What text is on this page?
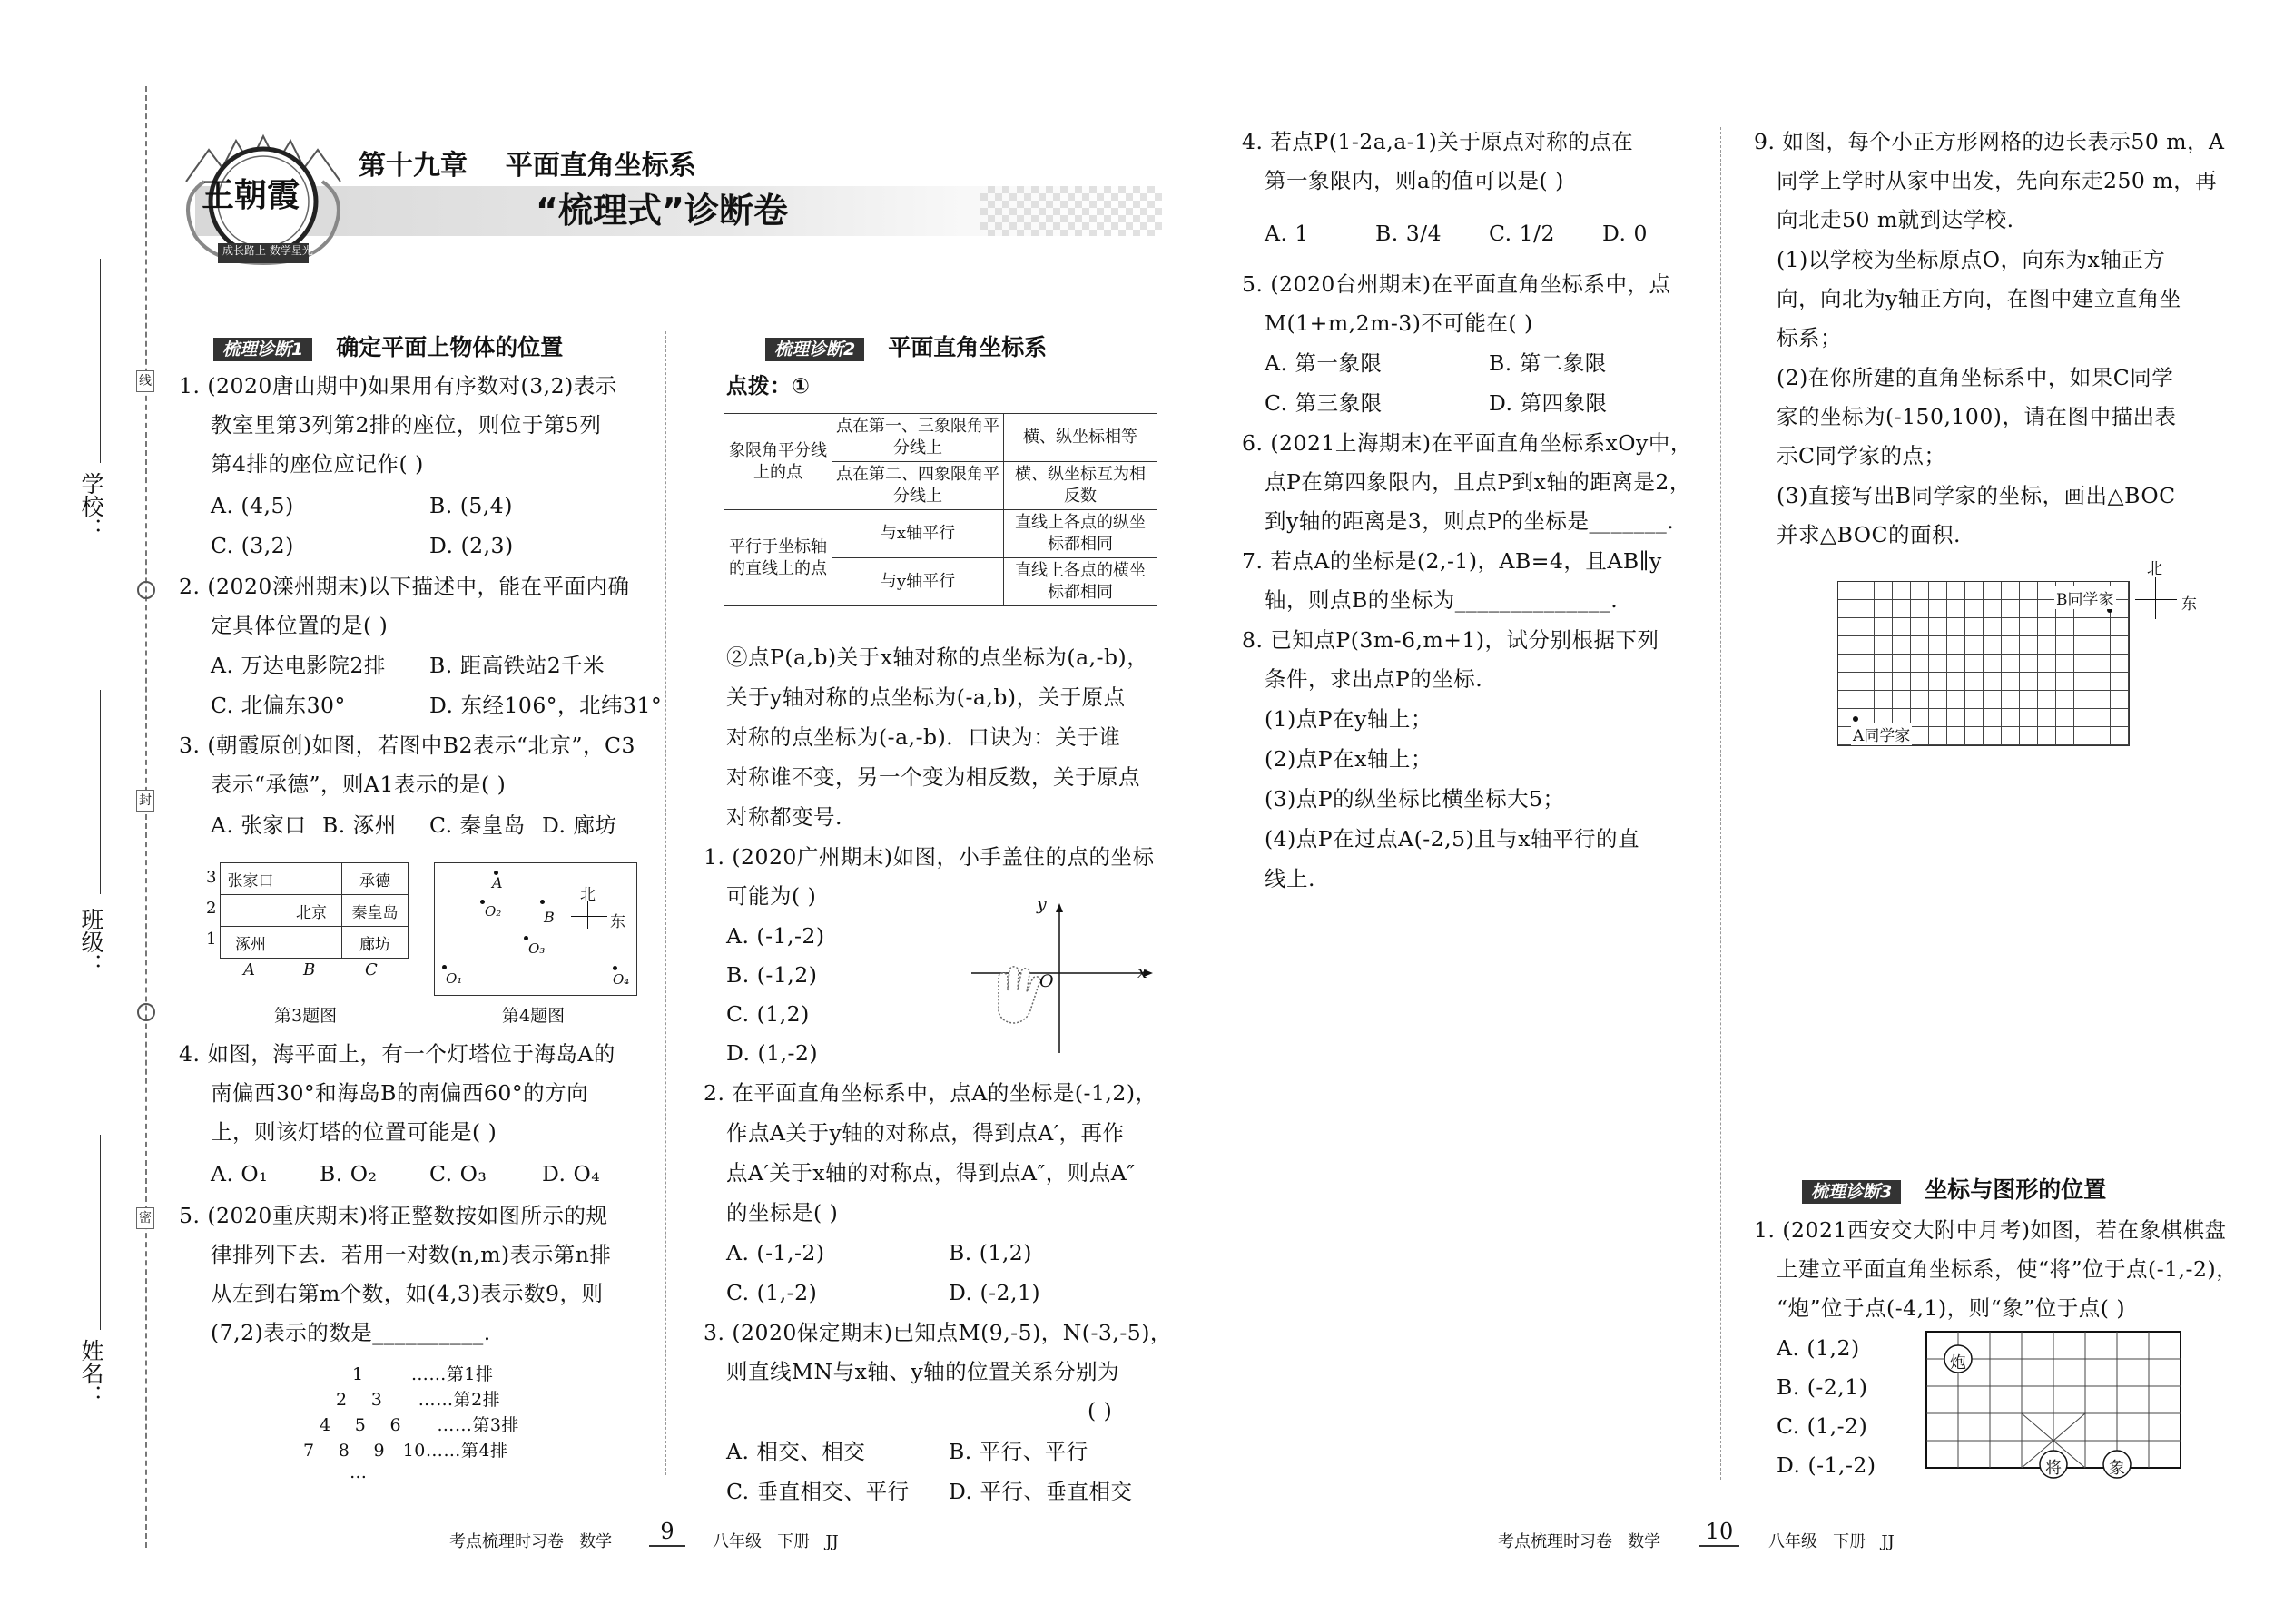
线
封
密
学校：
班级：
姓名：
王朝霞
成长路上 数学星光
第十九章    平面直角坐标系
“梳理式”诊断卷
梳理诊断1 确定平面上物体的位置
1. (2020唐山期中)如果用有序数对(3,2)表示
教室里第3列第2排的座位，则位于第5列
第4排的座位应记作( )
A. (4,5)	B. (5,4)
C. (3,2)	D. (2,3)
2. (2020滦州期末)以下描述中，能在平面内确
定具体位置的是( )
A. 万达电影院2排 B. 距高铁站2千米
C. 北偏东30°	D. 东经106°，北纬31°
3. (朝霞原创)如图，若图中B2表示“北京”，C3
表示“承德”，则A1表示的是( )
A. 张家口 B. 涿州 C. 秦皇岛 D. 廊坊
3
2
1
张家口		承德
	北京	秦皇岛
涿州		廊坊
A	B	C
第3题图
A
O₂	B
O₃
O₁	O₄
北
东
第4题图
4. 如图，海平面上，有一个灯塔位于海岛A的
南偏西30°和海岛B的南偏西60°的方向
上，则该灯塔的位置可能是( )
A. O₁ B. O₂ C. O₃	D. O₄
5. (2020重庆期末)将正整数按如图所示的规
律排列下去．若用一对数(n,m)表示第n排
从左到右第m个数，如(4,3)表示数9，则
(7,2)表示的数是__________.
1        ……第1排
2    3      ……第2排
4    5    6      ……第3排
7    8    9   10……第4排
…
梳理诊断2 平面直角坐标系
点拨：①
象限角平分线上的点	点在第一、三象限角平分线上	横、纵坐标相等
	点在第二、四象限角平分线上	横、纵坐标互为相反数
平行于坐标轴的直线上的点	与x轴平行	直线上各点的纵坐标都相同
	与y轴平行	直线上各点的横坐标都相同
②点P(a,b)关于x轴对称的点坐标为(a,-b)，
关于y轴对称的点坐标为(-a,b)，关于原点
对称的点坐标为(-a,-b)．口诀为：关于谁
对称谁不变，另一个变为相反数，关于原点
对称都变号.
1. (2020广州期末)如图，小手盖住的点的坐标
可能为( )
A. (-1,-2)
B. (-1,2)
C. (1,2)
D. (1,-2)
y
x
O
2. 在平面直角坐标系中，点A的坐标是(-1,2)，
作点A关于y轴的对称点，得到点A′，再作
点A′关于x轴的对称点，得到点A″，则点A″
的坐标是( )
A. (-1,-2)	B. (1,2)
C. (1,-2)	D. (-2,1)
3. (2020保定期末)已知点M(9,-5)，N(-3,-5)，
则直线MN与x轴、y轴的位置关系分别为
( )
A. 相交、相交	B. 平行、平行
C. 垂直相交、平行 D. 平行、垂直相交
4. 若点P(1-2a,a-1)关于原点对称的点在
第一象限内，则a的值可以是( )
A. 1	B. 3/4 C. 1/2 D. 0
5. (2020台州期末)在平面直角坐标系中，点
M(1+m,2m-3)不可能在( )
A. 第一象限	B. 第二象限
C. 第三象限	D. 第四象限
6. (2021上海期末)在平面直角坐标系xOy中，
点P在第四象限内，且点P到x轴的距离是2，
到y轴的距离是3，则点P的坐标是_______.
7. 若点A的坐标是(2,-1)，AB=4，且AB∥y
轴，则点B的坐标为______________.
8. 已知点P(3m-6,m+1)，试分别根据下列
条件，求出点P的坐标.
(1)点P在y轴上；
(2)点P在x轴上；
(3)点P的纵坐标比横坐标大5；
(4)点P在过点A(-2,5)且与x轴平行的直
线上.
9. 如图，每个小正方形网格的边长表示50 m，A
同学上学时从家中出发，先向东走250 m，再
向北走50 m就到达学校.
(1)以学校为坐标原点O，向东为x轴正方
向，向北为y轴正方向，在图中建立直角坐
标系；
(2)在你所建的直角坐标系中，如果C同学
家的坐标为(-150,100)，请在图中描出表
示C同学家的点；
(3)直接写出B同学家的坐标，画出△BOC
并求△BOC的面积.
B同学家
A同学家
北
东
梳理诊断3 坐标与图形的位置
1. (2021西安交大附中月考)如图，若在象棋棋盘
上建立平面直角坐标系，使“将”位于点(-1,-2)，
“炮”位于点(-4,1)，则“象”位于点( )
A. (1,2)
B. (-2,1)
C. (1,-2)
D. (-1,-2)
炮
将	象
考点梳理时习卷   数学	9	八年级   下册   JJ	考点梳理时习卷   数学 10	八年级   下册   JJ
